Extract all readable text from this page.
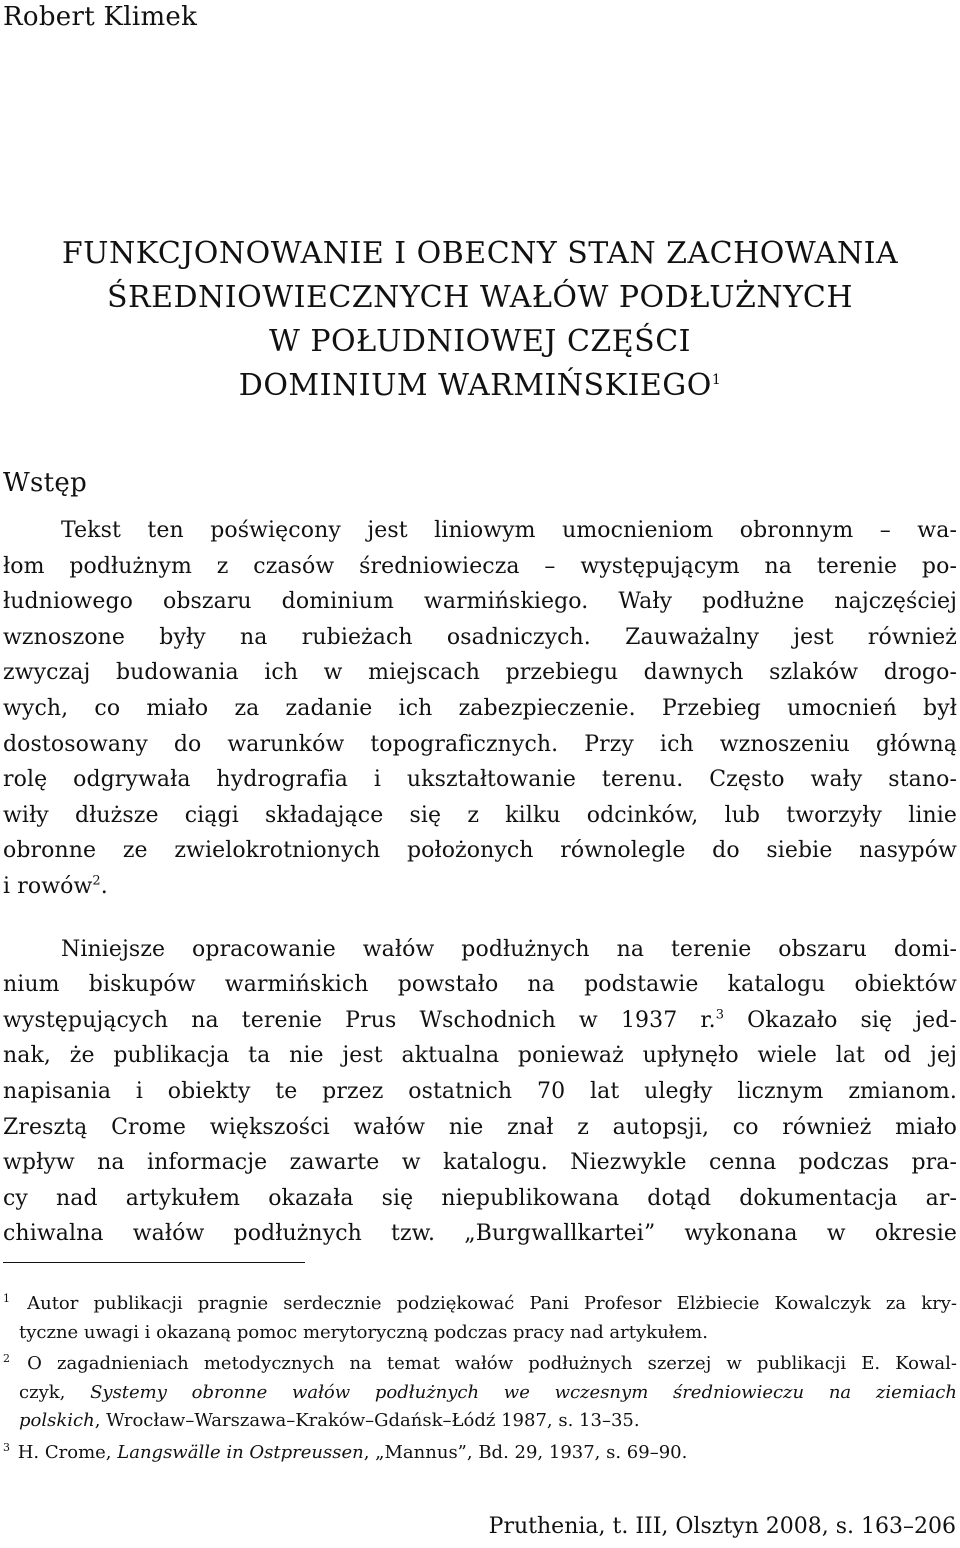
Robert Klimek
FUNKCJONOWANIE I OBECNY STAN ZACHOWANIA
ŚREDNIOWIECZNYCH WAŁÓW PODŁUŻNYCH
W POŁUDNIOWEJ CZĘŚCI
DOMINIUM WARMIŃSKIEGO$^1$
Wstęp
Tekst ten poświęcony jest liniowym umocnieniom obronnym – wa-
łom podłużnym z czasów średniowiecza – występującym na terenie po-
łudniowego obszaru dominium warmińskiego. Wały podłużne najczęściej
wznoszone były na rubieżach osadniczych. Zauważalny jest również
zwyczaj budowania ich w miejscach przebiegu dawnych szlaków drogo-
wych, co miało za zadanie ich zabezpieczenie. Przebieg umocnień był
dostosowany do warunków topograficznych. Przy ich wznoszeniu główną
rolę odgrywała hydrografia i ukształtowanie terenu. Często wały stano-
wiły dłuższe ciągi składające się z kilku odcinków, lub tworzyły linie
obronne ze zwielokrotnionych położonych równolegle do siebie nasypów
i rowów$^2$.
Niniejsze opracowanie wałów podłużnych na terenie obszaru domi-
nium biskupów warmińskich powstało na podstawie katalogu obiektów
występujących na terenie Prus Wschodnich w 1937 r.$^3$ Okazało się jed-
nak, że publikacja ta nie jest aktualna ponieważ upłynęło wiele lat od jej
napisania i obiekty te przez ostatnich 70 lat uległy licznym zmianom.
Zresztą Crome większości wałów nie znał z autopsji, co również miało
wpływ na informacje zawarte w katalogu. Niezwykle cenna podczas pra-
cy nad artykułem okazała się niepublikowana dotąd dokumentacja ar-
chiwalna wałów podłużnych tzw. „Burgwallkartei” wykonana w okresie
$^1$ Autor publikacji pragnie serdecznie podziękować Pani Profesor Elżbiecie Kowalczyk za kry-
tyczne uwagi i okazaną pomoc merytoryczną podczas pracy nad artykułem.
$^2$ O zagadnieniach metodycznych na temat wałów podłużnych szerzej w publikacji E. Kowal-
czyk, Systemy obronne wałów podłużnych we wczesnym średniowieczu na ziemiach
polskich, Wrocław–Warszawa–Kraków–Gdańsk–Łódź 1987, s. 13–35.
$^3$ H. Crome, Langswälle in Ostpreussen, „Mannus”, Bd. 29, 1937, s. 69–90.
Pruthenia, t. III, Olsztyn 2008, s. 163–206
